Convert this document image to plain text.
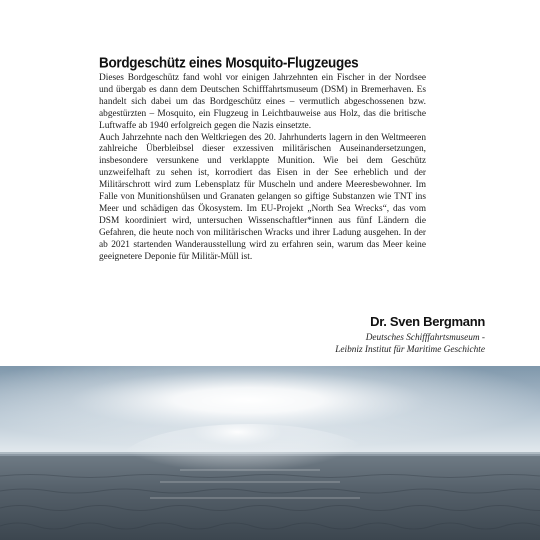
Bordgeschütz eines Mosquito-Flugzeuges

Dieses Bordgeschütz fand wohl vor einigen Jahrzehnten ein Fischer in der Nordsee und übergab es dann dem Deutschen Schifffahrtsmuseum (DSM) in Bremerhaven. Es handelt sich dabei um das Bordgeschütz eines – vermutlich abgeschossenen bzw. abgestürzten – Mosquito, ein Flugzeug in Leichtbauweise aus Holz, das die britische Luftwaffe ab 1940 erfolgreich gegen die Nazis einsetzte.

Auch Jahrzehnte nach den Weltkriegen des 20. Jahrhunderts lagern in den Weltmeeren zahlreiche Überbleibsel dieser exzessiven militärischen Auseinandersetzungen, insbesondere versunkene und verklappte Munition. Wie bei dem Geschütz unzweifelhaft zu sehen ist, korrodiert das Eisen in der See erheblich und der Militärschrott wird zum Lebensplatz für Muscheln und andere Meeresbewohner. Im Falle von Munitionshülsen und Granaten gelangen so giftige Substanzen wie TNT ins Meer und schädigen das Ökosystem. Im EU-Projekt „North Sea Wrecks“, das vom DSM koordiniert wird, untersuchen Wissenschaftler*innen aus fünf Ländern die Gefahren, die heute noch von militärischen Wracks und ihrer Ladung ausgehen. In der ab 2021 startenden Wanderausstellung wird zu erfahren sein, warum das Meer keine geeignetere Deponie für Militär-Müll ist.

Dr. Sven Bergmann
Deutsches Schifffahrtsmuseum -
Leibniz Institut für Maritime Geschichte
